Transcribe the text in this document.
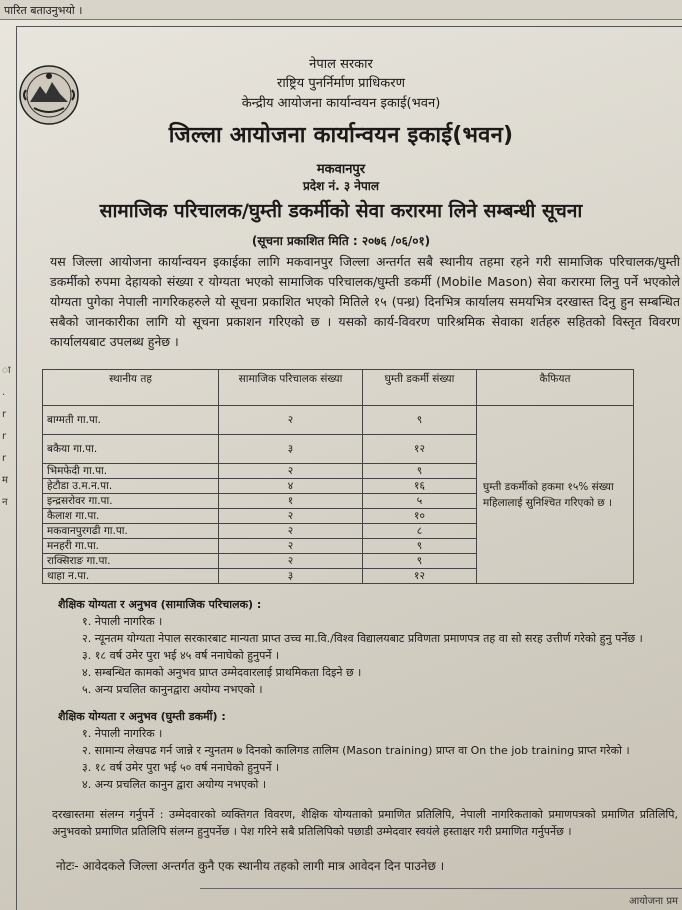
पारित बताउनुभयो ।
ा
.
r
r
r
म
न
नेपाल सरकार
राष्ट्रिय पुनर्निर्माण प्राधिकरण
केन्द्रीय आयोजना कार्यान्वयन इकाई(भवन)
जिल्ला आयोजना कार्यान्वयन इकाई(भवन)
मकवानपुर
प्रदेश नं. ३ नेपाल
सामाजिक परिचालक/घुम्ती डकर्मीको सेवा करारमा लिने सम्बन्धी सूचना
(सूचना प्रकाशित मिति : २०७६ /०६/०१)
यस जिल्ला आयोजना कार्यान्वयन इकाईका लागि मकवानपुर जिल्ला अन्तर्गत सबै स्थानीय तहमा रहने गरी सामाजिक परिचालक/घुम्ती डकर्मीको रुपमा देहायको संख्या र योग्यता भएको सामाजिक परिचालक/घुम्ती डकर्मी (Mobile Mason) सेवा करारमा लिनु पर्ने भएकोले योग्यता पुगेका नेपाली नागरिकहरुले यो सूचना प्रकाशित भएको मितिले १५ (पन्ध्र) दिनभित्र कार्यालय समयभित्र दरखास्त दिनु हुन सम्बन्धित सबैको जानकारीका लागि यो सूचना प्रकाशन गरिएको छ । यसको कार्य-विवरण पारिश्रमिक सेवाका शर्तहरु सहितको विस्तृत विवरण कार्यालयबाट उपलब्ध हुनेछ ।
स्थानीय तह	सामाजिक परिचालक संख्या	घुम्ती डकर्मी संख्या	कैफियत
बाग्मती गा.पा.	२	९	घुम्ती डकर्मीको हकमा १५% संख्या महिलालाई सुनिश्चित गरिएको छ ।
बकैया गा.पा.	३	१२	
भिमफेदी गा.पा.	२	९	
हेटौडा उ.म.न.पा.	४	१६	
इन्द्रसरोवर गा.पा.	१	५	
कैलाश गा.पा.	२	१०	
मकवानपुरगढी गा.पा.	२	८	
मनहरी गा.पा.	२	९	
राक्सिराङ गा.पा.	२	९	
थाहा न.पा.	३	१२	
शैक्षिक योग्यता र अनुभव (सामाजिक परिचालक) :
१. नेपाली नागरिक ।
२. न्यूनतम योग्यता नेपाल सरकारबाट मान्यता प्राप्त उच्च मा.वि./विश्व विद्यालयबाट प्रविणता प्रमाणपत्र तह वा सो सरह उत्तीर्ण गरेको हुनु पर्नेछ ।
३. १८ वर्ष उमेर पुरा भई ४५ वर्ष ननाघेको हुनुपर्ने ।
४. सम्बन्धित कामको अनुभव प्राप्त उम्मेदवारलाई प्राथमिकता दिइने छ ।
५. अन्य प्रचलित कानुनद्वारा अयोग्य नभएको ।
शैक्षिक योग्यता र अनुभव (घुम्ती डकर्मी) :
१. नेपाली नागरिक ।
२. सामान्य लेखपढ गर्न जान्ने र न्युनतम ७ दिनको कालिगड तालिम (Mason training) प्राप्त वा On the job training प्राप्त गरेको ।
३. १८ वर्ष उमेर पुरा भई ५० वर्ष ननाघेको हुनुपर्ने ।
४. अन्य प्रचलित कानुन द्वारा अयोग्य नभएको ।
दरखास्तमा संलग्न गर्नुपर्ने : उम्मेदवारको व्यक्तिगत विवरण, शैक्षिक योग्यताको प्रमाणित प्रतिलिपि, नेपाली नागरिकताको प्रमाणपत्रको प्रमाणित प्रतिलिपि, अनुभवको प्रमाणित प्रतिलिपि संलग्न हुनुपर्नेछ । पेश गरिने सबै प्रतिलिपिको पछाडी उम्मेदवार स्वयंले हस्ताक्षर गरी प्रमाणित गर्नुपर्नेछ ।
नोटः- आवेदकले जिल्ला अन्तर्गत कुनै एक स्थानीय तहको लागी मात्र आवेदन दिन पाउनेछ ।
आयोजना प्रम
